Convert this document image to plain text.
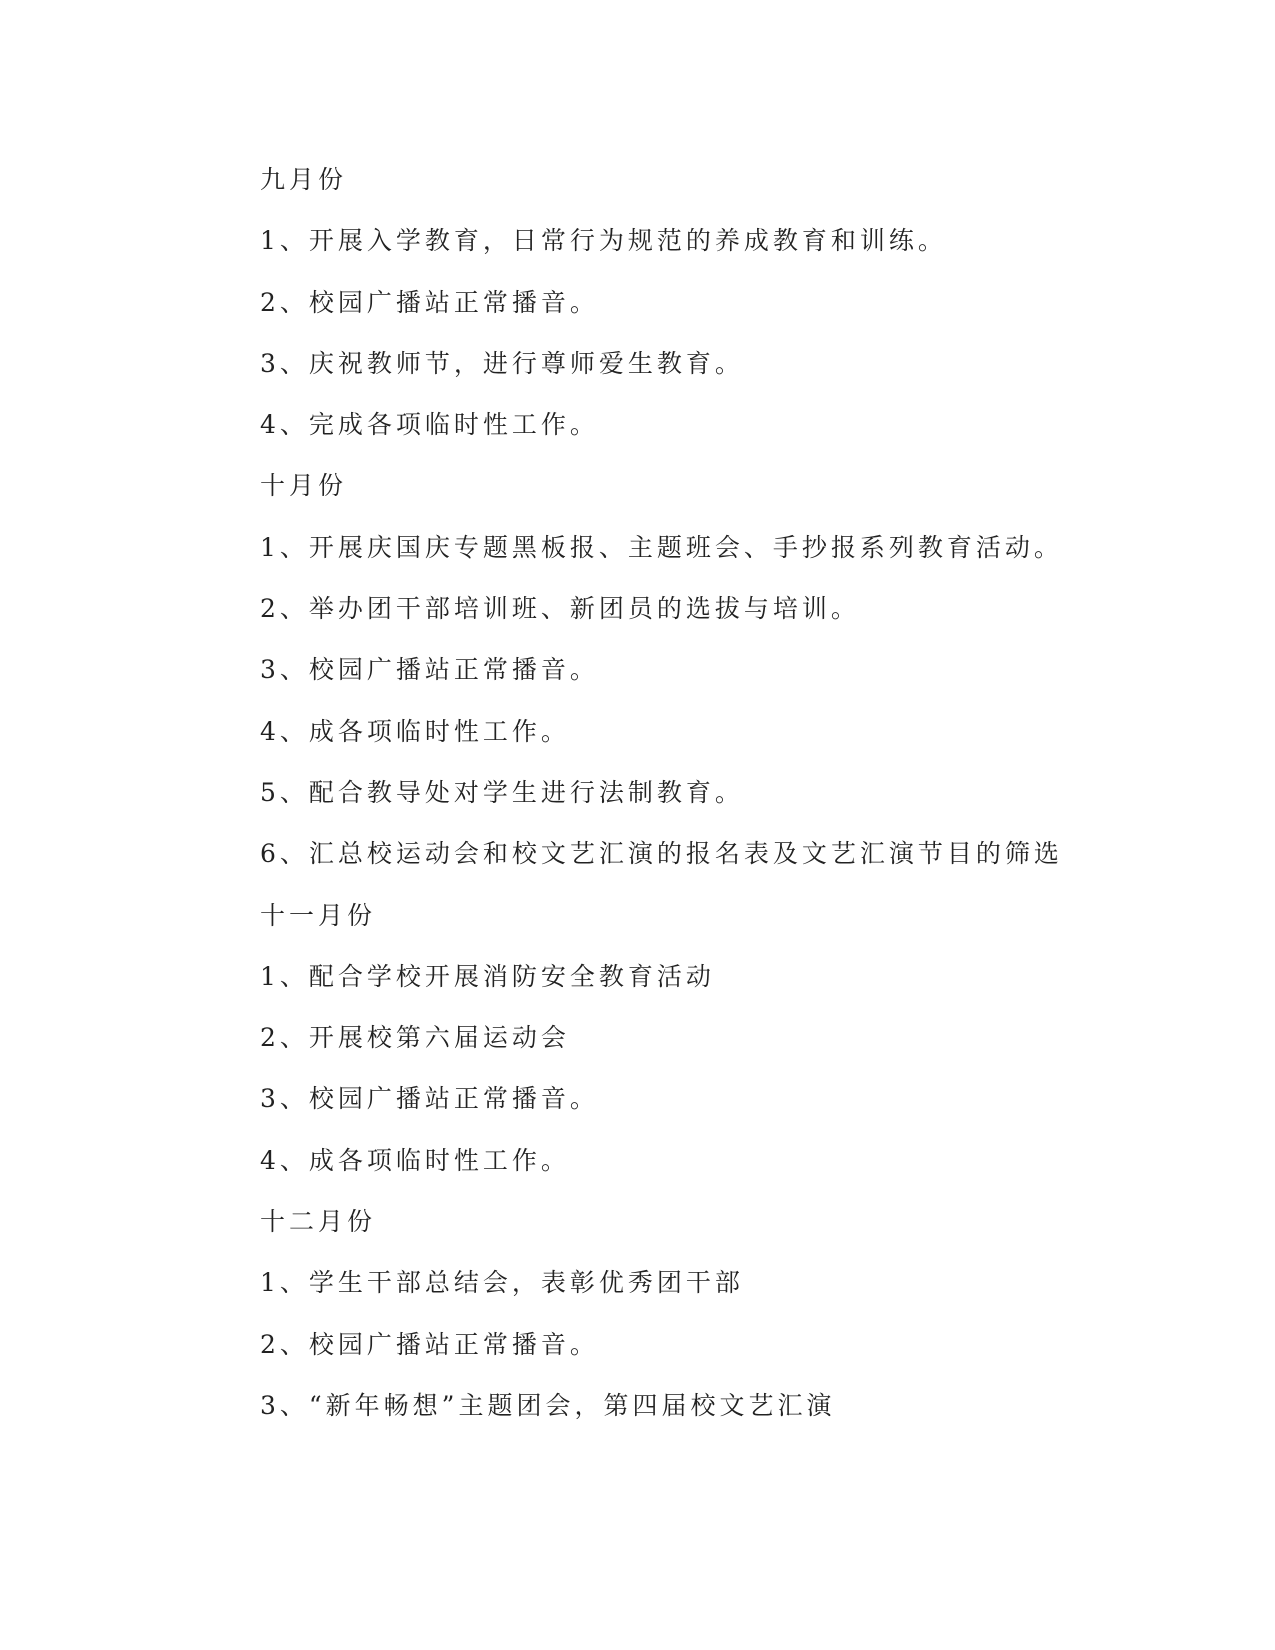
九月份
1、开展入学教育，日常行为规范的养成教育和训练。
2、校园广播站正常播音。
3、庆祝教师节，进行尊师爱生教育。
4、完成各项临时性工作。
十月份
1、开展庆国庆专题黑板报、主题班会、手抄报系列教育活动。
2、举办团干部培训班、新团员的选拔与培训。
3、校园广播站正常播音。
4、成各项临时性工作。
5、配合教导处对学生进行法制教育。
6、汇总校运动会和校文艺汇演的报名表及文艺汇演节目的筛选
十一月份
1、配合学校开展消防安全教育活动
2、开展校第六届运动会
3、校园广播站正常播音。
4、成各项临时性工作。
十二月份
1、学生干部总结会，表彰优秀团干部
2、校园广播站正常播音。
3、“新年畅想”主题团会，第四届校文艺汇演
